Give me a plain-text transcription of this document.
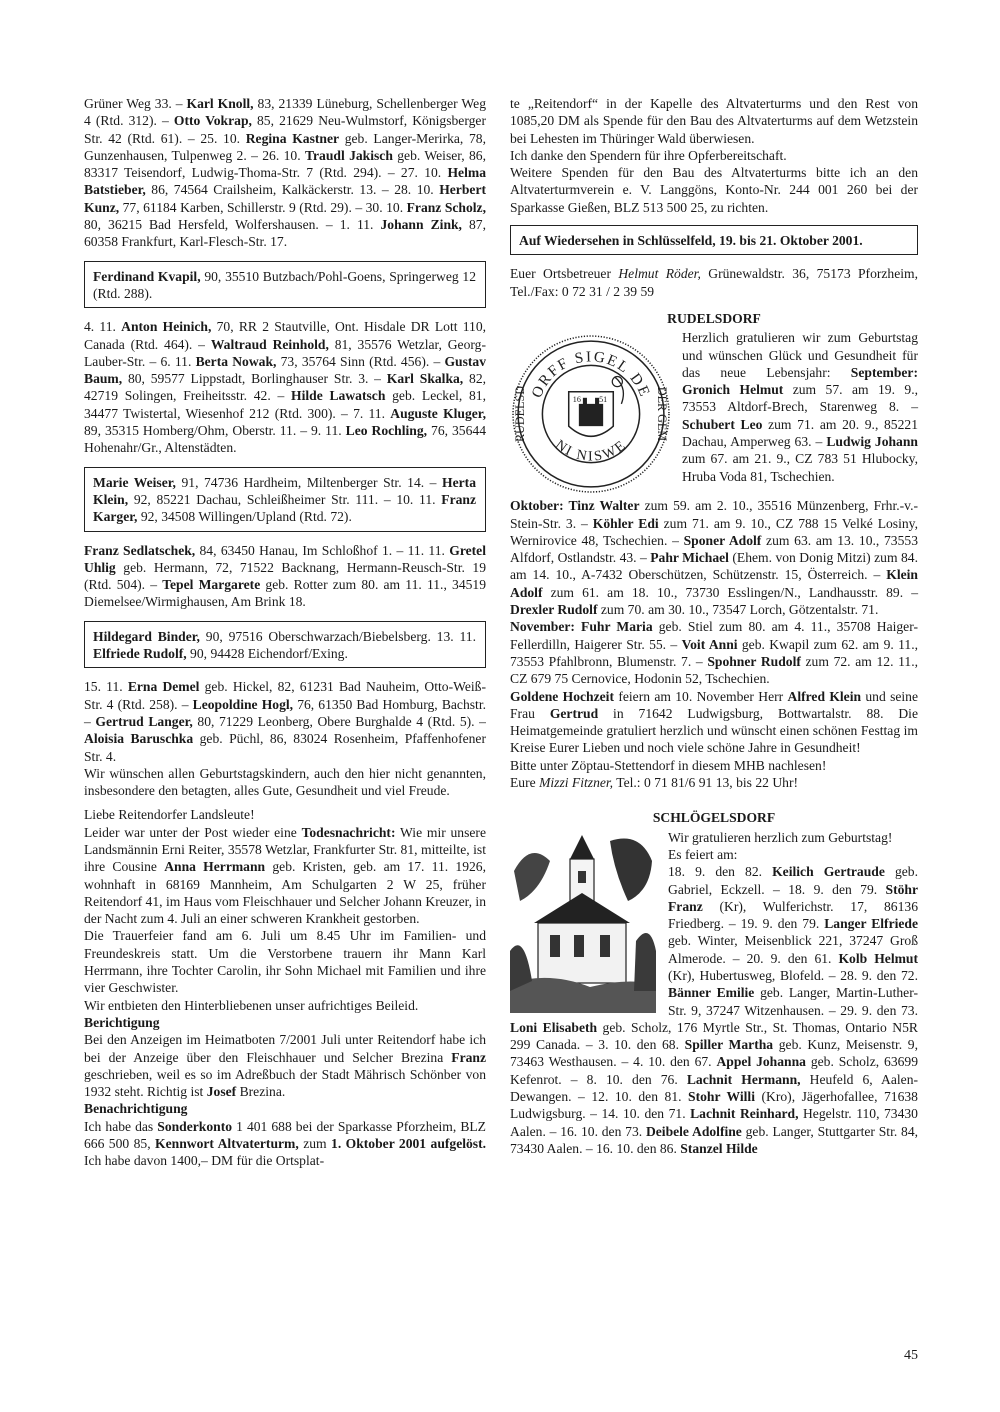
Grüner Weg 33. – Karl Knoll, 83, 21339 Lüneburg, Schellenberger Weg 4 (Rtd. 312). – Otto Vokrap, 85, 21629 Neu-Wulmstorf, Königsberger Str. 42 (Rtd. 61). – 25. 10. Regina Kastner geb. Langer-Merirka, 78, Gunzenhausen, Tulpenweg 2. – 26. 10. Traudl Jakisch geb. Weiser, 86, 83317 Teisendorf, Ludwig-Thoma-Str. 7 (Rtd. 294). – 27. 10. Helma Batstieber, 86, 74564 Crailsheim, Kalkäckerstr. 13. – 28. 10. Herbert Kunz, 77, 61184 Karben, Schillerstr. 9 (Rtd. 29). – 30. 10. Franz Scholz, 80, 36215 Bad Hersfeld, Wolfershausen. – 1. 11. Johann Zink, 87, 60358 Frankfurt, Karl-Flesch-Str. 17.

Ferdinand Kvapil, 90, 35510 Butzbach/Pohl-Goens, Springerweg 12 (Rtd. 288).

4. 11. Anton Heinich, 70, RR 2 Stautville, Ont. Hisdale DR Lott 110, Canada (Rtd. 464). – Waltraud Reinhold, 81, 35576 Wetzlar, Georg-Lauber-Str. – 6. 11. Berta Nowak, 73, 35764 Sinn (Rtd. 456). – Gustav Baum, 80, 59577 Lippstadt, Borlinghauser Str. 3. – Karl Skalka, 82, 42719 Solingen, Freiheitsstr. 42. – Hilde Lawatsch geb. Leckel, 81, 34477 Twistertal, Wiesenhof 212 (Rtd. 300). – 7. 11. Auguste Kluger, 89, 35315 Homberg/Ohm, Oberstr. 11. – 9. 11. Leo Rochling, 76, 35644 Hohenahr/Gr., Altenstädten.

Marie Weiser, 91, 74736 Hardheim, Miltenberger Str. 14. – Herta Klein, 92, 85221 Dachau, Schleißheimer Str. 111. – 10. 11. Franz Karger, 92, 34508 Willingen/Upland (Rtd. 72).

Franz Sedlatschek, 84, 63450 Hanau, Im Schloßhof 1. – 11. 11. Gretel Uhlig geb. Hermann, 72, 71522 Backnang, Hermann-Reusch-Str. 19 (Rtd. 504). – Tepel Margarete geb. Rotter zum 80. am 11. 11., 34519 Diemelsee/Wirmighausen, Am Brink 18.

Hildegard Binder, 90, 97516 Oberschwarzach/Biebelsberg. 13. 11. Elfriede Rudolf, 90, 94428 Eichendorf/Exing.

15. 11. Erna Demel geb. Hickel, 82, 61231 Bad Nauheim, Otto-Weiß-Str. 4 (Rtd. 258). – Leopoldine Hogl, 76, 61350 Bad Homburg, Bachstr. – Gertrud Langer, 80, 71229 Leonberg, Obere Burghalde 4 (Rtd. 5). – Aloisia Baruschka geb. Püchl, 86, 83024 Rosenheim, Pfaffenhofener Str. 4.

Wir wünschen allen Geburtstagskindern, auch den hier nicht genannten, insbesondere den betagten, alles Gute, Gesundheit und viel Freude.

Liebe Reitendorfer Landsleute!

Leider war unter der Post wieder eine Todesnachricht: Wie mir unsere Landsmännin Erni Reiter, 35578 Wetzlar, Frankfurter Str. 81, mitteilte, ist ihre Cousine Anna Herrmann geb. Kristen, geb. am 17. 11. 1926, wohnhaft in 68169 Mannheim, Am Schulgarten 2 W 25, früher Reitendorf 41, im Haus vom Fleischhauer und Selcher Johann Kreuzer, in der Nacht zum 4. Juli an einer schweren Krankheit gestorben.

Die Trauerfeier fand am 6. Juli um 8.45 Uhr im Familien- und Freundeskreis statt. Um die Verstorbene trauern ihr Mann Karl Herrmann, ihre Tochter Carolin, ihr Sohn Michael mit Familien und ihre vier Geschwister.

Wir entbieten den Hinterbliebenen unser aufrichtiges Beileid.

Berichtigung

Bei den Anzeigen im Heimatboten 7/2001 Juli unter Reitendorf habe ich bei der Anzeige über den Fleischhauer und Selcher Brezina Franz geschrieben, weil es so im Adreßbuch der Stadt Mährisch Schönber von 1932 steht. Richtig ist Josef Brezina.

Benachrichtigung

Ich habe das Sonderkonto 1 401 688 bei der Sparkasse Pforzheim, BLZ 666 500 85, Kennwort Altvaterturm, zum 1. Oktober 2001 aufgelöst. Ich habe davon 1400,– DM für die Ortsplat-

te „Reitendorf“ in der Kapelle des Altvaterturms und den Rest von 1085,20 DM als Spende für den Bau des Altvaterturms auf dem Wetzstein bei Lehesten im Thüringer Wald überwiesen.

Ich danke den Spendern für ihre Opferbereitschaft.

Weitere Spenden für den Bau des Altvaterturms bitte ich an den Altvaterturmverein e. V. Langgöns, Konto-Nr. 244 001 260 bei der Sparkasse Gießen, BLZ 513 500 25, zu richten.

Auf Wiedersehen in Schlüsselfeld, 19. bis 21. Oktober 2001.

Euer Ortsbetreuer Helmut Röder, Grünewaldstr. 36, 75173 Pforzheim, Tel./Fax: 0 72 31 / 2 39 59

RUDELSDORF
ORFF SIGEL DE
NI NISWE
RUDELSD	DER GEM
16 51

Herzlich gratulieren wir zum Geburtstag und wünschen Glück und Gesundheit für das neue Lebensjahr: September: Gronich Helmut zum 57. am 19. 9., 73553 Altdorf-Brech, Starenweg 8. – Schubert Leo zum 71. am 20. 9., 85221 Dachau, Amperweg 63. – Ludwig Johann zum 67. am 21. 9., CZ 783 51 Hlubocky, Hruba Voda 81, Tschechien.

Oktober: Tinz Walter zum 59. am 2. 10., 35516 Münzenberg, Frhr.-v.-Stein-Str. 3. – Köhler Edi zum 71. am 9. 10., CZ 788 15 Velké Losiny, Wernirovice 48, Tschechien. – Sponer Adolf zum 63. am 13. 10., 73553 Alfdorf, Ostlandstr. 43. – Pahr Michael (Ehem. von Donig Mitzi) zum 84. am 14. 10., A-7432 Oberschützen, Schützenstr. 15, Österreich. – Klein Adolf zum 61. am 18. 10., 73730 Esslingen/N., Landhausstr. 89. – Drexler Rudolf zum 70. am 30. 10., 73547 Lorch, Götzentalstr. 71.

November: Fuhr Maria geb. Stiel zum 80. am 4. 11., 35708 Haiger-Fellerdilln, Haigerer Str. 55. – Voit Anni geb. Kwapil zum 62. am 9. 11., 73553 Pfahlbronn, Blumenstr. 7. – Spohner Rudolf zum 72. am 12. 11., CZ 679 75 Cernovice, Hodonin 52, Tschechien.

Goldene Hochzeit feiern am 10. November Herr Alfred Klein und seine Frau Gertrud in 71642 Ludwigsburg, Bottwartalstr. 88. Die Heimatgemeinde gratuliert herzlich und wünscht einen schönen Festtag im Kreise Eurer Lieben und noch viele schöne Jahre in Gesundheit!

Bitte unter Zöptau-Stettendorf in diesem MHB nachlesen!

Eure Mizzi Fitzner, Tel.: 0 71 81/6 91 13, bis 22 Uhr!

SCHLÖGELSDORF

Wir gratulieren herzlich zum Geburtstag!

Es feiert am:

18. 9. den 82. Keilich Gertraude geb. Gabriel, Eckzell. – 18. 9. den 79. Stöhr Franz (Kr), Wulferichstr. 17, 86136 Friedberg. – 19. 9. den 79. Langer Elfriede geb. Winter, Meisenblick 221, 37247 Groß Almerode. – 20. 9. den 61. Kolb Helmut (Kr), Hubertusweg, Blofeld. – 28. 9. den 72. Bänner Emilie geb. Langer, Martin-Luther-Str. 9, 37247 Witzenhausen. – 29. 9. den 73. Loni Elisabeth geb. Scholz, 176 Myrtle Str., St. Thomas, Ontario N5R 299 Canada. – 3. 10. den 68. Spiller Martha geb. Kunz, Meisenstr. 9, 73463 Westhausen. – 4. 10. den 67. Appel Johanna geb. Scholz, 63699 Kefenrot. – 8. 10. den 76. Lachnit Hermann, Heufeld 6, Aalen-Dewangen. – 12. 10. den 81. Stohr Willi (Kro), Jägerhofallee, 71638 Ludwigsburg. – 14. 10. den 71. Lachnit Reinhard, Hegelstr. 110, 73430 Aalen. – 16. 10. den 73. Deibele Adolfine geb. Langer, Stuttgarter Str. 84, 73430 Aalen. – 16. 10. den 86. Stanzel Hilde

45
